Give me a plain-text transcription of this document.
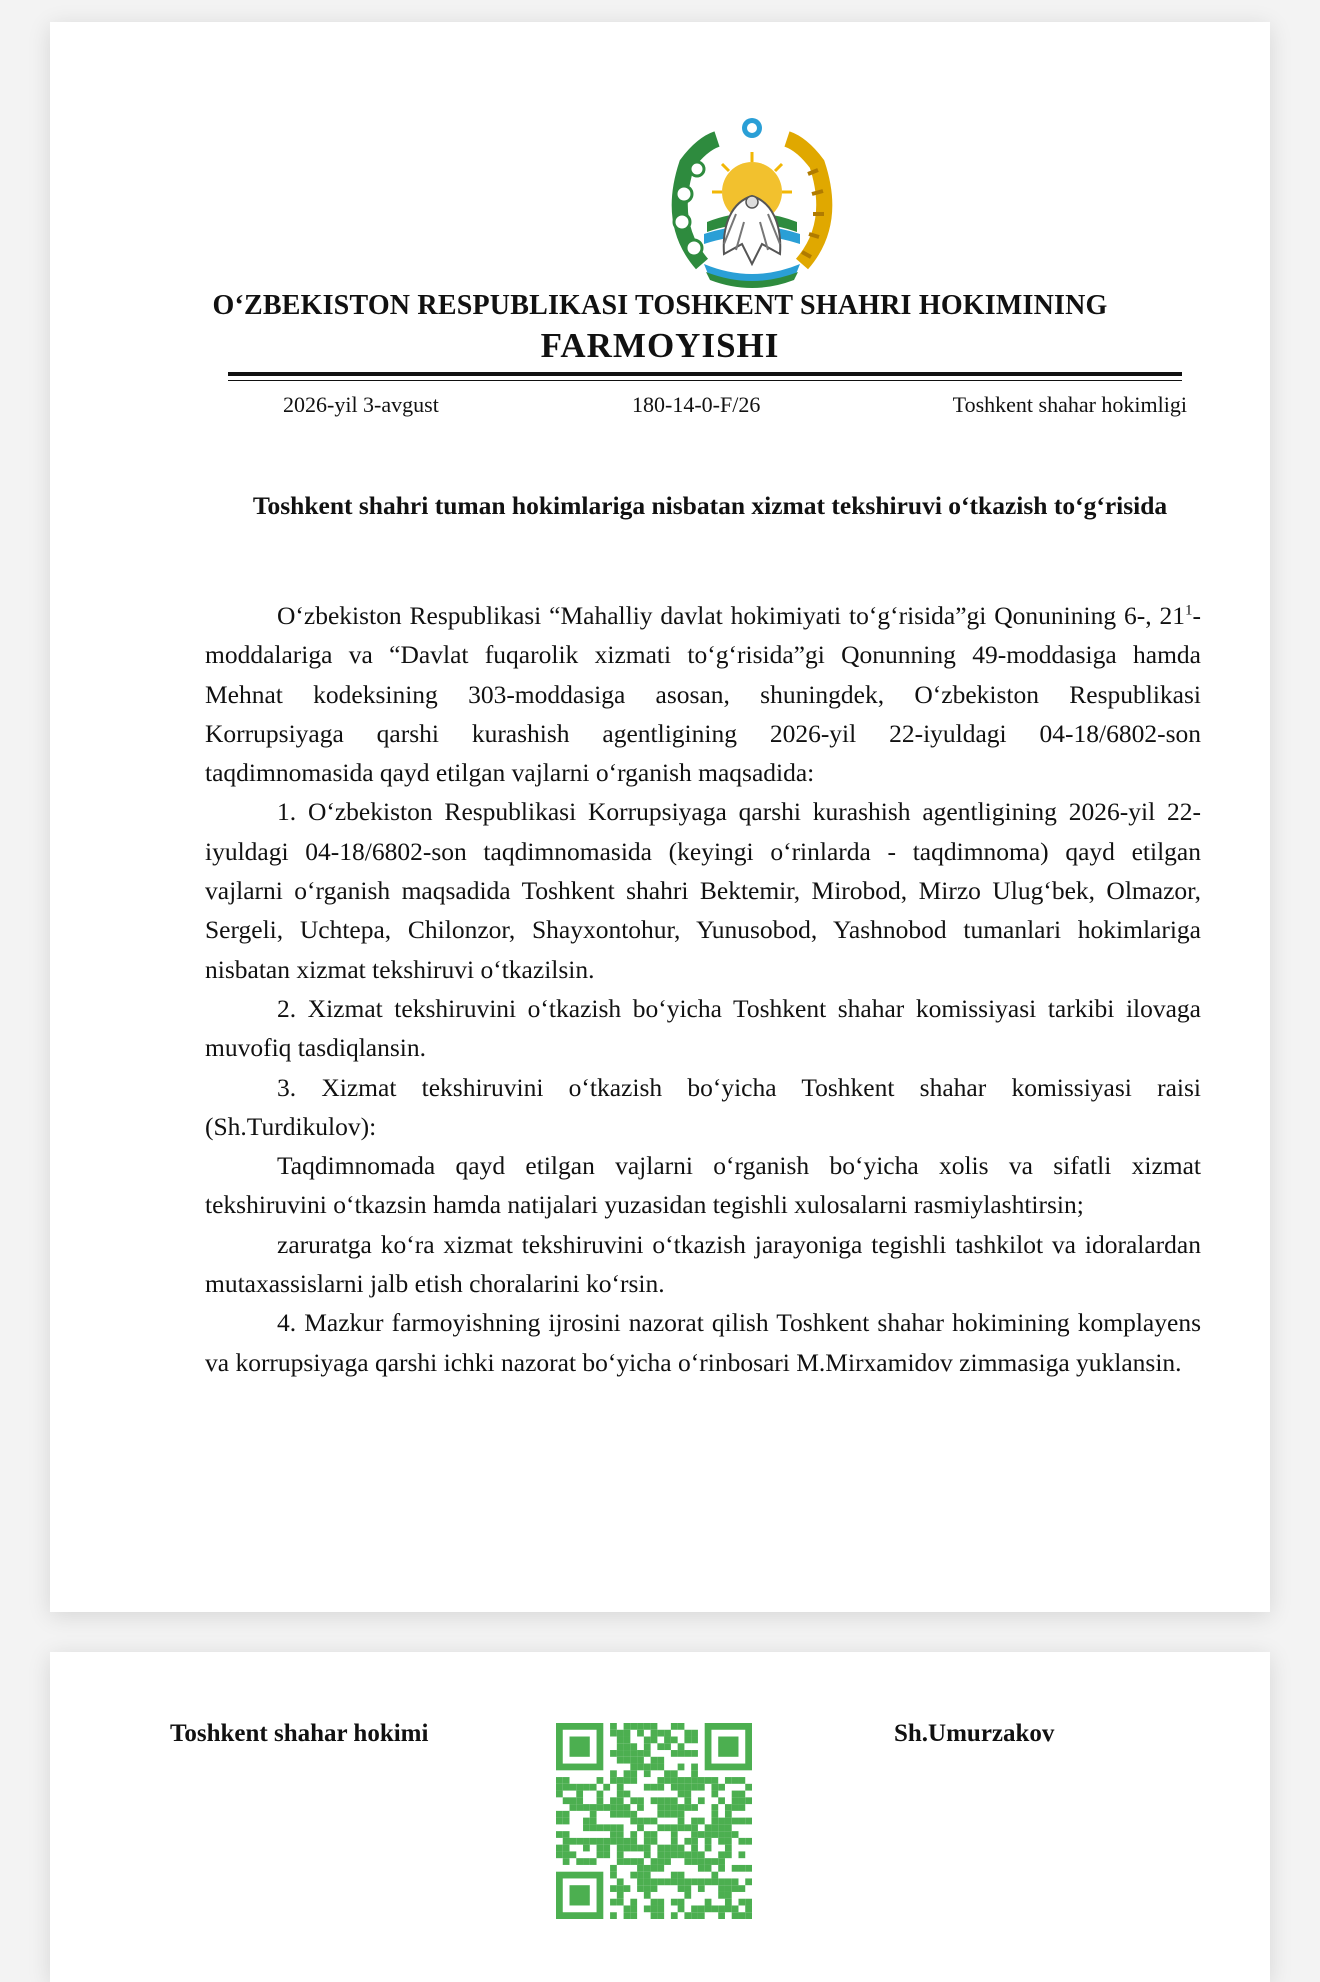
O‘ZBEKISTON RESPUBLIKASI TOSHKENT SHAHRI HOKIMINING
FARMOYISHI
2026-yil 3-avgust	180-14-0-F/26	Toshkent shahar hokimligi
Toshkent shahri tuman hokimlariga nisbatan xizmat tekshiruvi o‘tkazish to‘g‘risida

O‘zbekiston Respublikasi “Mahalliy davlat hokimiyati to‘g‘risida”gi Qonunining 6-, $21^1$-moddalariga va “Davlat fuqarolik xizmati to‘g‘risida”gi Qonunning 49-moddasiga hamda Mehnat kodeksining 303-moddasiga asosan, shuningdek, O‘zbekiston Respublikasi Korrupsiyaga qarshi kurashish agentligining 2026-yil 22-iyuldagi 04-18/6802-son taqdimnomasida qayd etilgan vajlarni o‘rganish maqsadida:

1. O‘zbekiston Respublikasi Korrupsiyaga qarshi kurashish agentligining 2026-yil 22-iyuldagi 04-18/6802-son taqdimnomasida (keyingi o‘rinlarda - taqdimnoma) qayd etilgan vajlarni o‘rganish maqsadida Toshkent shahri Bektemir, Mirobod, Mirzo Ulug‘bek, Olmazor, Sergeli, Uchtepa, Chilonzor, Shayxontohur, Yunusobod, Yashnobod tumanlari hokimlariga nisbatan xizmat tekshiruvi o‘tkazilsin.

2. Xizmat tekshiruvini o‘tkazish bo‘yicha Toshkent shahar komissiyasi tarkibi ilovaga muvofiq tasdiqlansin.

3. Xizmat tekshiruvini o‘tkazish bo‘yicha Toshkent shahar komissiyasi raisi (Sh.Turdikulov):

Taqdimnomada qayd etilgan vajlarni o‘rganish bo‘yicha xolis va sifatli xizmat tekshiruvini o‘tkazsin hamda natijalari yuzasidan tegishli xulosalarni rasmiylashtirsin;

zaruratga ko‘ra xizmat tekshiruvini o‘tkazish jarayoniga tegishli tashkilot va idoralardan mutaxassislarni jalb etish choralarini ko‘rsin.

4. Mazkur farmoyishning ijrosini nazorat qilish Toshkent shahar hokimining komplayens va korrupsiyaga qarshi ichki nazorat bo‘yicha o‘rinbosari M.Mirxamidov zimmasiga yuklansin.

Toshkent shahar hokimi	Sh.Umurzakov
